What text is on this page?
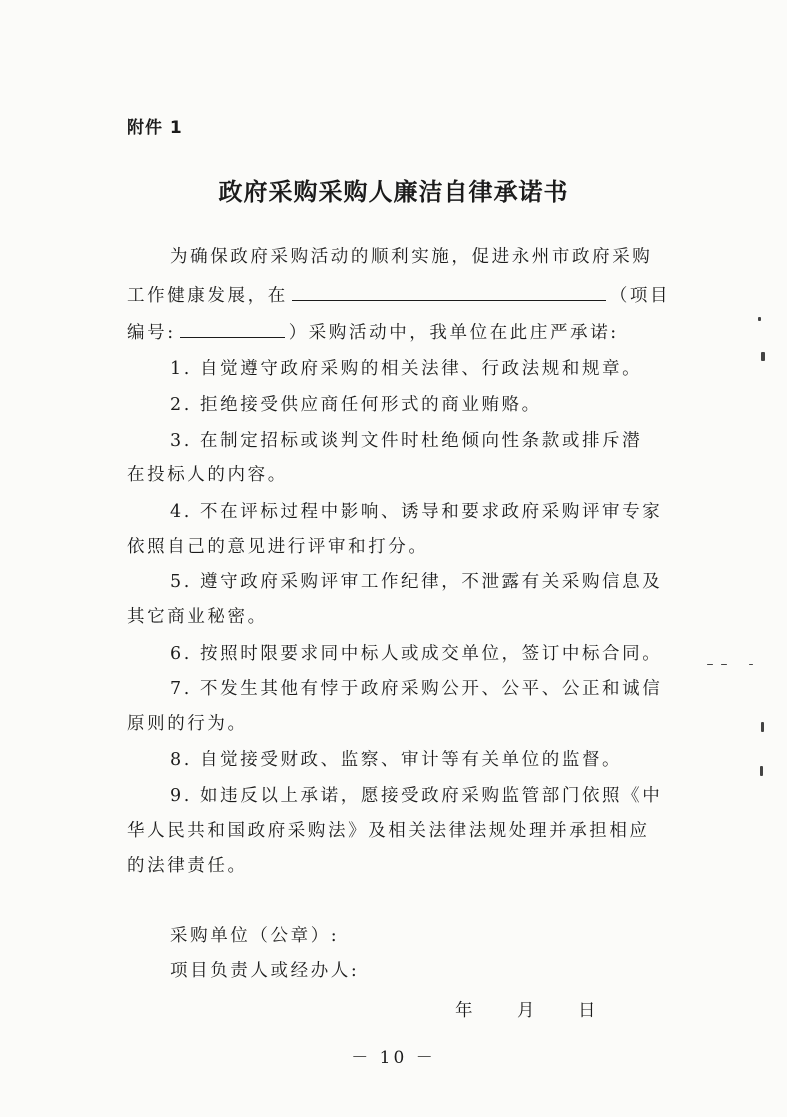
附件 1
政府采购采购人廉洁自律承诺书
为确保政府采购活动的顺利实施，促进永州市政府采购
工作健康发展，在	（项目
编号:	）采购活动中，我单位在此庄严承诺:
1. 自觉遵守政府采购的相关法律、行政法规和规章。
2. 拒绝接受供应商任何形式的商业贿赂。
3. 在制定招标或谈判文件时杜绝倾向性条款或排斥潜
在投标人的内容。
4. 不在评标过程中影响、诱导和要求政府采购评审专家
依照自己的意见进行评审和打分。
5. 遵守政府采购评审工作纪律，不泄露有关采购信息及
其它商业秘密。
6. 按照时限要求同中标人或成交单位，签订中标合同。
7. 不发生其他有悖于政府采购公开、公平、公正和诚信
原则的行为。
8. 自觉接受财政、监察、审计等有关单位的监督。
9. 如违反以上承诺，愿接受政府采购监管部门依照《中
华人民共和国政府采购法》及相关法律法规处理并承担相应
的法律责任。
采购单位（公章）:
项目负责人或经办人:
年	月 日
－ 10 －
